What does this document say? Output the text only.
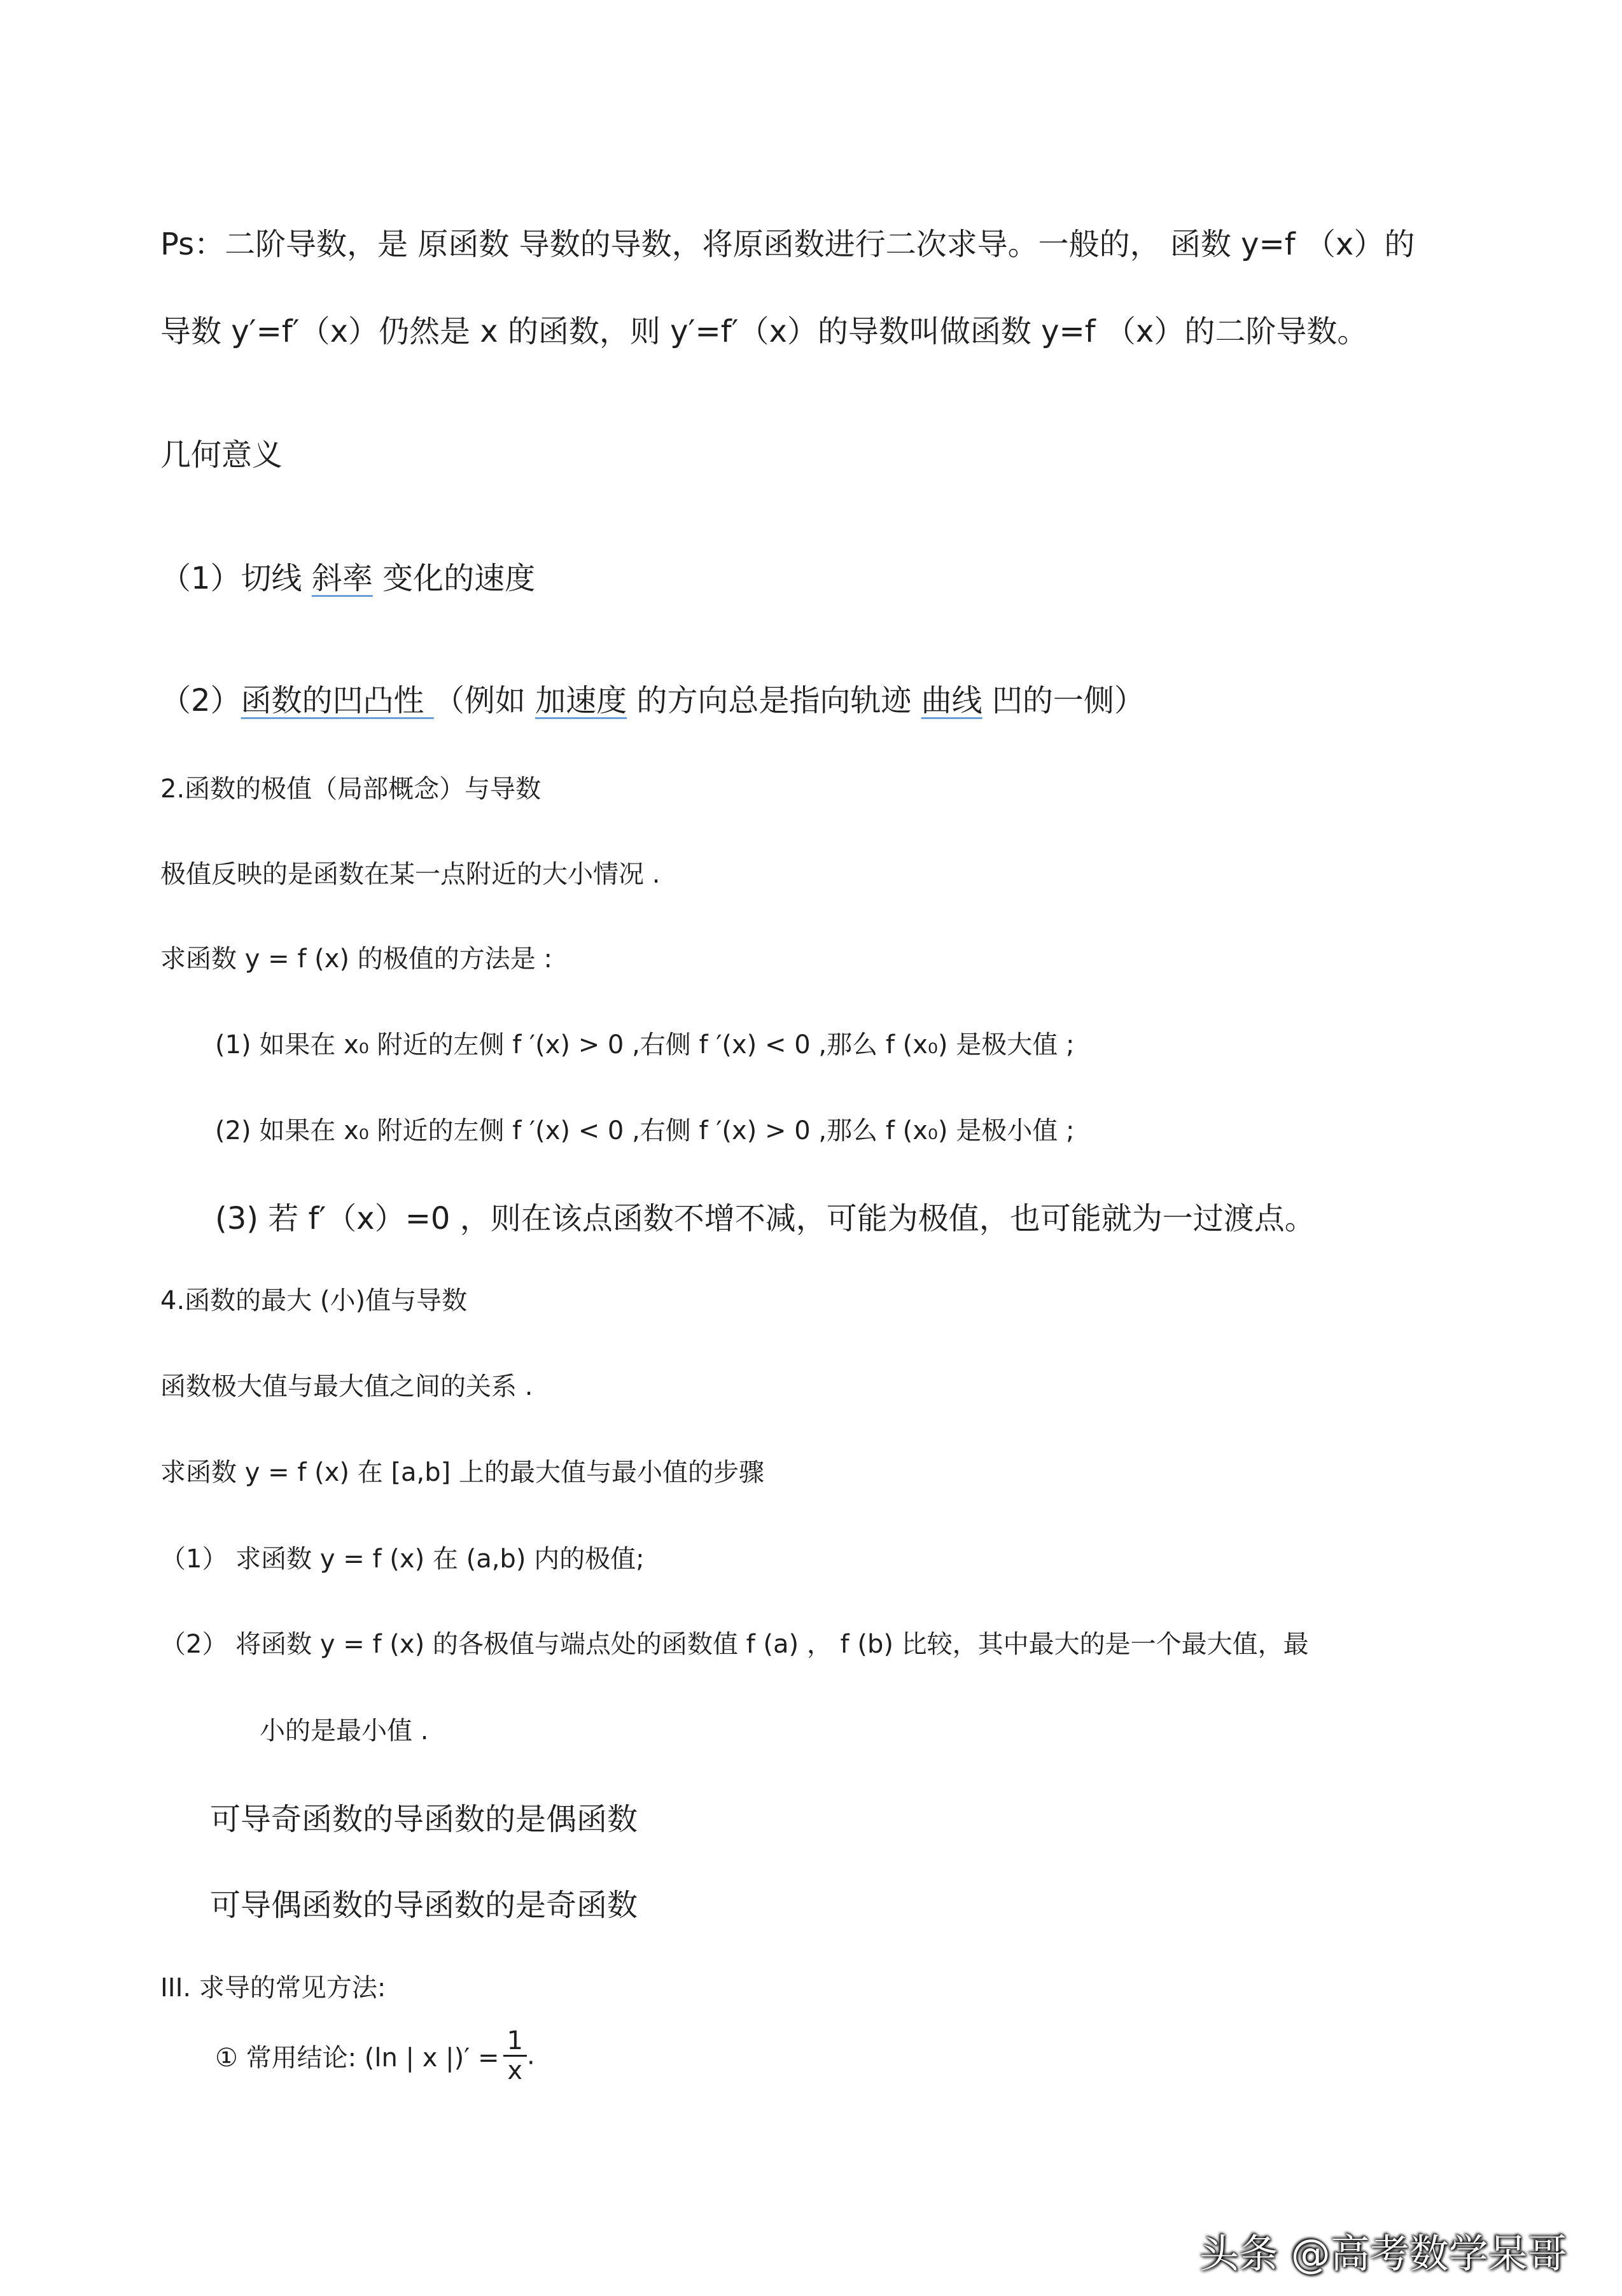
Ps：二阶导数，是 原函数 导数的导数，将原函数进行二次求导。一般的， 函数 y=f （x）的
导数 y′=f′（x）仍然是 x 的函数，则 y′=f′（x）的导数叫做函数 y=f （x）的二阶导数。
几何意义
（1）切线 斜率 变化的速度
（2）函数的凹凸性 （例如 加速度 的方向总是指向轨迹 曲线 凹的一侧）
2.函数的极值（局部概念）与导数
极值反映的是函数在某一点附近的大小情况 .
求函数 y = f (x) 的极值的方法是 :
(1) 如果在 x₀ 附近的左侧 f ′(x) > 0 ,右侧 f ′(x) < 0 ,那么 f (x₀) 是极大值 ;
(2) 如果在 x₀ 附近的左侧 f ′(x) < 0 ,右侧 f ′(x) > 0 ,那么 f (x₀) 是极小值 ;
(3) 若 f′（x）=0 ，则在该点函数不增不减，可能为极值，也可能就为一过渡点。
4.函数的最大 (小)值与导数
函数极大值与最大值之间的关系 .
求函数 y = f (x) 在 [a,b] 上的最大值与最小值的步骤
（1） 求函数 y = f (x) 在 (a,b) 内的极值;
（2） 将函数 y = f (x) 的各极值与端点处的函数值 f (a) ， f (b) 比较，其中最大的是一个最大值，最
小的是最小值 .
可导奇函数的导函数的是偶函数
可导偶函数的导函数的是奇函数
III. 求导的常见方法:
① 常用结论: (ln | x |)′ = $\frac{1}{x}$ .
头条 @高考数学呆哥
